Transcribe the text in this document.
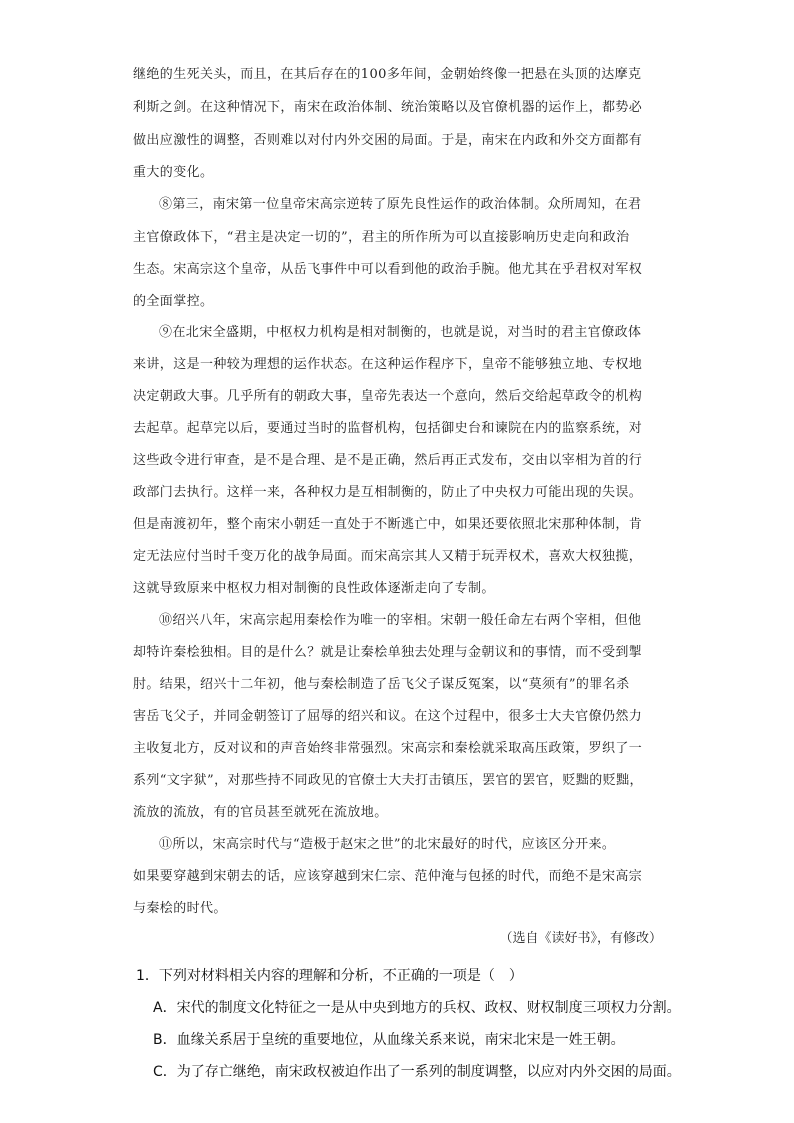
继绝的生死关头，而且，在其后存在的100多年间，金朝始终像一把悬在头顶的达摩克
利斯之剑。在这种情况下，南宋在政治体制、统治策略以及官僚机器的运作上，都势必
做出应激性的调整，否则难以对付内外交困的局面。于是，南宋在内政和外交方面都有
重大的变化。
⑧第三，南宋第一位皇帝宋高宗逆转了原先良性运作的政治体制。众所周知，在君
主官僚政体下，“君主是决定一切的”，君主的所作所为可以直接影响历史走向和政治
生态。宋高宗这个皇帝，从岳飞事件中可以看到他的政治手腕。他尤其在乎君权对军权
的全面掌控。
⑨在北宋全盛期，中枢权力机构是相对制衡的，也就是说，对当时的君主官僚政体
来讲，这是一种较为理想的运作状态。在这种运作程序下，皇帝不能够独立地、专权地
决定朝政大事。几乎所有的朝政大事，皇帝先表达一个意向，然后交给起草政令的机构
去起草。起草完以后，要通过当时的监督机构，包括御史台和谏院在内的监察系统，对
这些政令进行审查，是不是合理、是不是正确，然后再正式发布，交由以宰相为首的行
政部门去执行。这样一来，各种权力是互相制衡的，防止了中央权力可能出现的失误。
但是南渡初年，整个南宋小朝廷一直处于不断逃亡中，如果还要依照北宋那种体制，肯
定无法应付当时千变万化的战争局面。而宋高宗其人又精于玩弄权术，喜欢大权独揽，
这就导致原来中枢权力相对制衡的良性政体逐渐走向了专制。
⑩绍兴八年，宋高宗起用秦桧作为唯一的宰相。宋朝一般任命左右两个宰相，但他
却特许秦桧独相。目的是什么？就是让秦桧单独去处理与金朝议和的事情，而不受到掣
肘。结果，绍兴十二年初，他与秦桧制造了岳飞父子谋反冤案，以“莫须有”的罪名杀
害岳飞父子，并同金朝签订了屈辱的绍兴和议。在这个过程中，很多士大夫官僚仍然力
主收复北方，反对议和的声音始终非常强烈。宋高宗和秦桧就采取高压政策，罗织了一
系列“文字狱”，对那些持不同政见的官僚士大夫打击镇压，罢官的罢官，贬黜的贬黜，
流放的流放，有的官员甚至就死在流放地。
⑪所以，宋高宗时代与“造极于赵宋之世”的北宋最好的时代，应该区分开来。
如果要穿越到宋朝去的话，应该穿越到宋仁宗、范仲淹与包拯的时代，而绝不是宋高宗
与秦桧的时代。
（选自《读好书》，有修改）
1．下列对材料相关内容的理解和分析，不正确的一项是（　）
A．宋代的制度文化特征之一是从中央到地方的兵权、政权、财权制度三项权力分割。
B．血缘关系居于皇统的重要地位，从血缘关系来说，南宋北宋是一姓王朝。
C．为了存亡继绝，南宋政权被迫作出了一系列的制度调整，以应对内外交困的局面。
